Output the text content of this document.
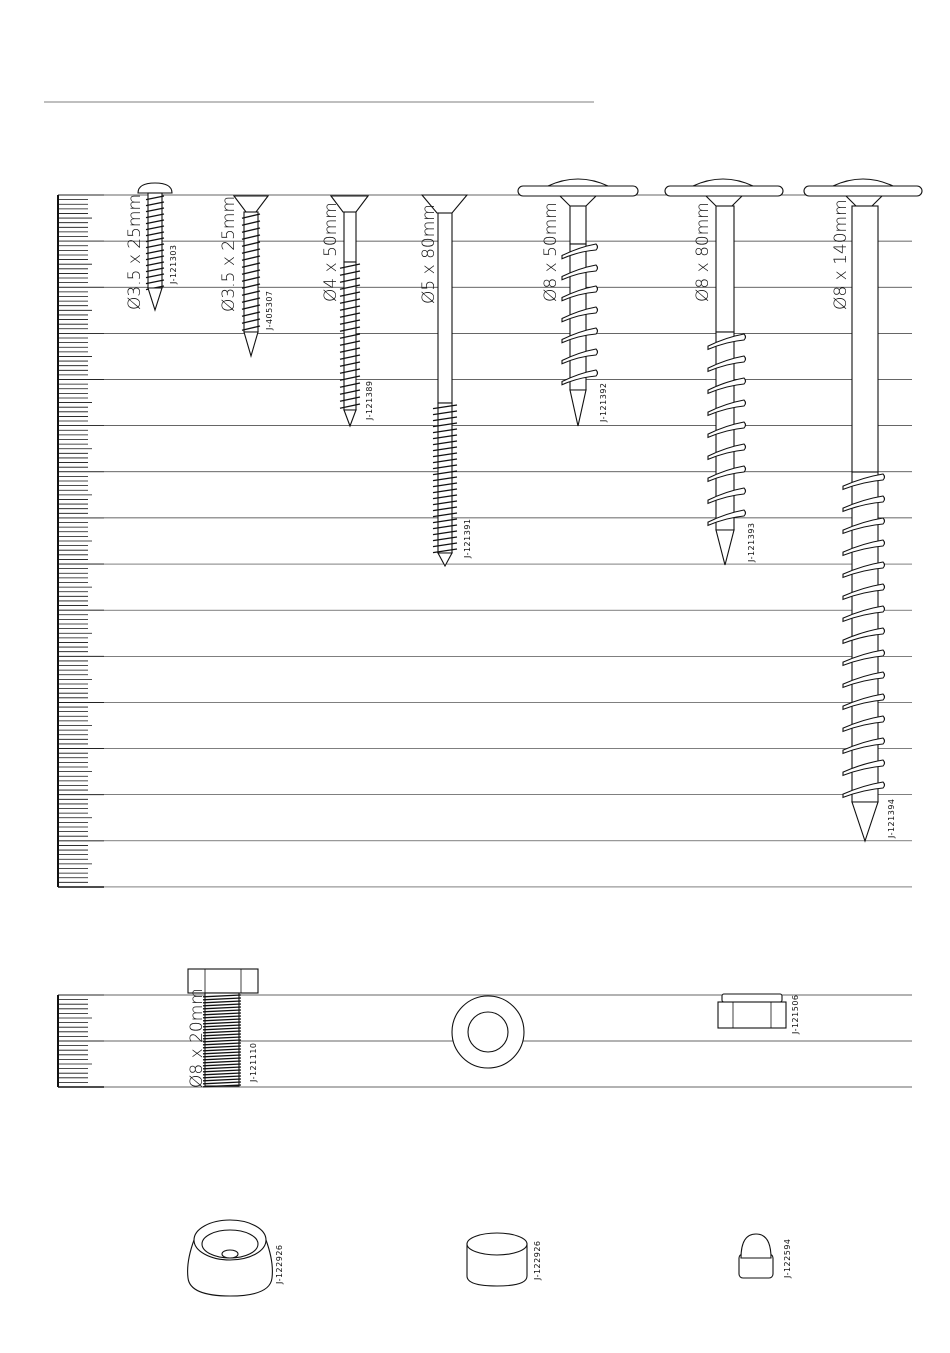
Ø3.5 x 25mm	J-121303 Ø3.5 x 25mm	J-405307
Ø4 x 50mm
J-121389
Ø5 x 80mm
J-121391
Ø8 x 50mm
J-121392
Ø8 x 80mm
J-121393
Ø8 x 140mm
J-121394
Ø8 x 20mm	J-121110
J-121506
J-122926	J-122926	J-122594
